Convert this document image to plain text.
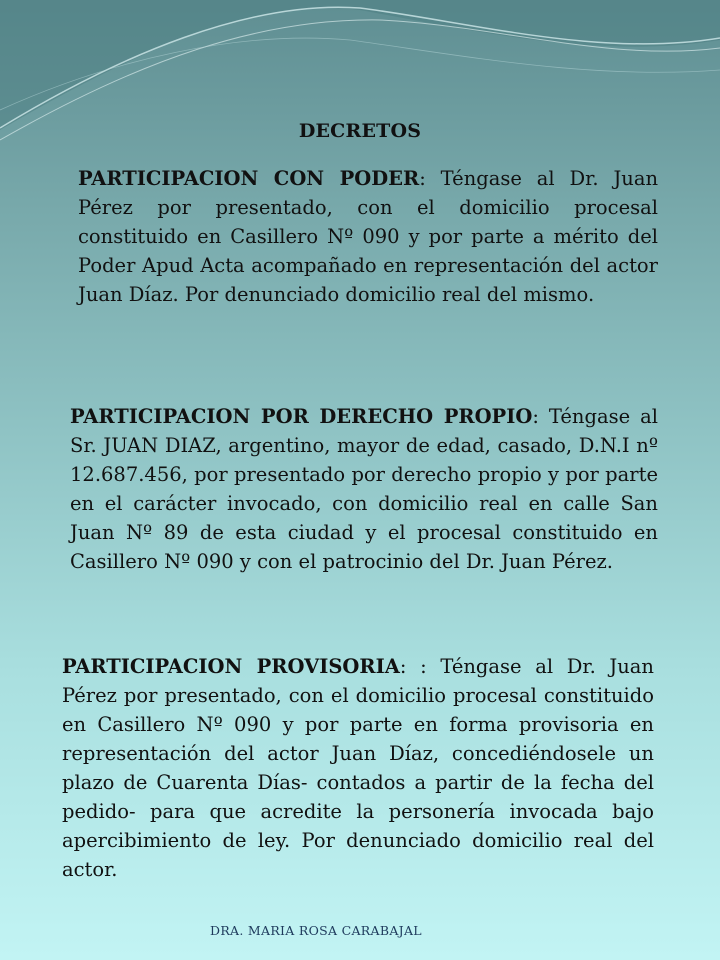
DECRETOS
PARTICIPACION CON PODER: Téngase al Dr. Juan Pérez por presentado, con el domicilio procesal constituido en Casillero Nº 090 y por parte a mérito del Poder Apud Acta acompañado en representación del actor Juan Díaz. Por denunciado domicilio real del mismo.
PARTICIPACION POR DERECHO PROPIO: Téngase al Sr. JUAN DIAZ, argentino, mayor de edad, casado, D.N.I nº 12.687.456, por presentado por derecho propio y por parte en el carácter invocado, con domicilio real en calle San Juan Nº 89 de esta ciudad y el procesal constituido en Casillero Nº 090 y con el patrocinio del Dr. Juan Pérez.
PARTICIPACION PROVISORIA: : Téngase al Dr. Juan Pérez por presentado, con el domicilio procesal constituido en Casillero Nº 090 y por parte en forma provisoria en representación del actor Juan Díaz, concediéndosele un plazo de Cuarenta Días- contados a partir de la fecha del pedido- para que acredite la personería invocada bajo apercibimiento de ley. Por denunciado domicilio real del actor.
DRA. MARIA ROSA CARABAJAL
